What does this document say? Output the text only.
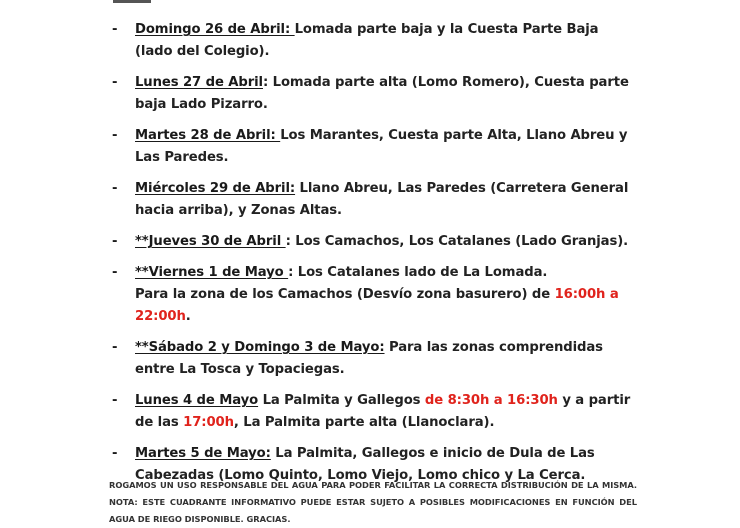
- Domingo 26 de Abril: Lomada parte baja y la Cuesta Parte Baja (lado del Colegio).
- Lunes 27 de Abril: Lomada parte alta (Lomo Romero), Cuesta parte baja Lado Pizarro.
- Martes 28 de Abril: Los Marantes, Cuesta parte Alta, Llano Abreu y Las Paredes.
- Miércoles 29 de Abril: Llano Abreu, Las Paredes (Carretera General hacia arriba), y Zonas Altas.
- **Jueves 30 de Abril : Los Camachos, Los Catalanes (Lado Granjas).
- **Viernes 1 de Mayo : Los Catalanes lado de La Lomada.
Para la zona de los Camachos (Desvío zona basurero) de 16:00h a 22:00h.
- **Sábado 2 y Domingo 3 de Mayo: Para las zonas comprendidas entre La Tosca y Topaciegas.
- Lunes 4 de Mayo La Palmita y Gallegos de 8:30h a 16:30h y a partir de las 17:00h, La Palmita parte alta (Llanoclara).
- Martes 5 de Mayo: La Palmita, Gallegos e inicio de Dula de Las Cabezadas (Lomo Quinto, Lomo Viejo, Lomo chico y La Cerca.
ROGAMOS UN USO RESPONSABLE DEL AGUA PARA PODER FACILITAR LA CORRECTA DISTRIBUCIÓN DE LA MISMA. NOTA: ESTE CUADRANTE INFORMATIVO PUEDE ESTAR SUJETO A POSIBLES MODIFICACIONES EN FUNCIÓN DEL AGUA DE RIEGO DISPONIBLE. GRACIAS.
